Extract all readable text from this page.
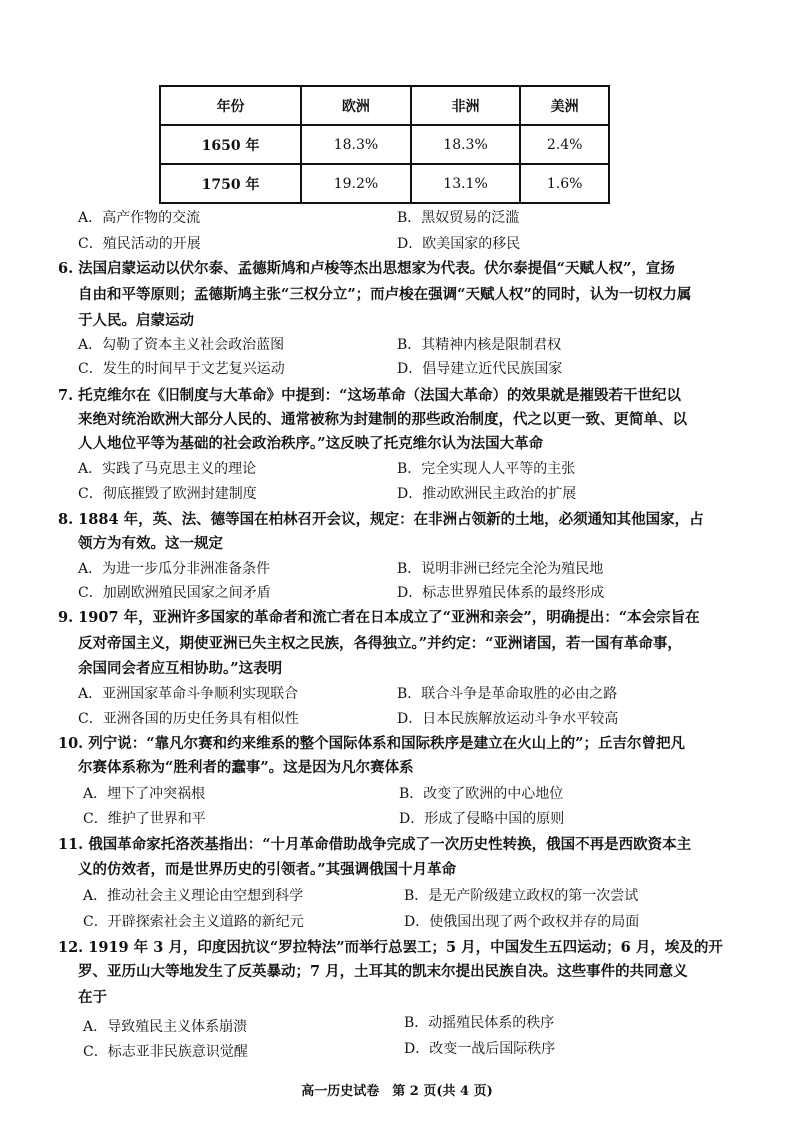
年份	欧洲	非洲	美洲
1650 年	18.3%	18.3%	2.4%
1750 年	19.2%	13.1%	1.6%
A．高产作物的交流	B．黑奴贸易的泛滥
C．殖民活动的开展	D．欧美国家的移民
6. 法国启蒙运动以伏尔泰、孟德斯鸠和卢梭等杰出思想家为代表。伏尔泰提倡“天赋人权”，宣扬
自由和平等原则；孟德斯鸠主张“三权分立”；而卢梭在强调“天赋人权”的同时，认为一切权力属
于人民。启蒙运动
A．勾勒了资本主义社会政治蓝图	B．其精神内核是限制君权
C．发生的时间早于文艺复兴运动	D．倡导建立近代民族国家
7. 托克维尔在《旧制度与大革命》中提到：“这场革命（法国大革命）的效果就是摧毁若干世纪以
来绝对统治欧洲大部分人民的、通常被称为封建制的那些政治制度，代之以更一致、更简单、以
人人地位平等为基础的社会政治秩序。”这反映了托克维尔认为法国大革命
A．实践了马克思主义的理论	B．完全实现人人平等的主张
C．彻底摧毁了欧洲封建制度	D．推动欧洲民主政治的扩展
8. 1884 年，英、法、德等国在柏林召开会议，规定：在非洲占领新的土地，必须通知其他国家，占
领方为有效。这一规定
A．为进一步瓜分非洲准备条件	B．说明非洲已经完全沦为殖民地
C．加剧欧洲殖民国家之间矛盾	D．标志世界殖民体系的最终形成
9. 1907 年，亚洲许多国家的革命者和流亡者在日本成立了“亚洲和亲会”，明确提出：“本会宗旨在
反对帝国主义，期使亚洲已失主权之民族，各得独立。”并约定：“亚洲诸国，若一国有革命事，
余国同会者应互相协助。”这表明
A．亚洲国家革命斗争顺利实现联合	B．联合斗争是革命取胜的必由之路
C．亚洲各国的历史任务具有相似性	D．日本民族解放运动斗争水平较高
10. 列宁说：“靠凡尔赛和约来维系的整个国际体系和国际秩序是建立在火山上的”；丘吉尔曾把凡
尔赛体系称为“胜利者的蠢事”。这是因为凡尔赛体系
A．埋下了冲突祸根	B．改变了欧洲的中心地位
C．维护了世界和平	D．形成了侵略中国的原则
11. 俄国革命家托洛茨基指出：“十月革命借助战争完成了一次历史性转换，俄国不再是西欧资本主
义的仿效者，而是世界历史的引领者。”其强调俄国十月革命
A．推动社会主义理论由空想到科学	B．是无产阶级建立政权的第一次尝试
C．开辟探索社会主义道路的新纪元	D．使俄国出现了两个政权并存的局面
12. 1919 年 3 月，印度因抗议“罗拉特法”而举行总罢工；5 月，中国发生五四运动；6 月，埃及的开
罗、亚历山大等地发生了反英暴动；7 月，土耳其的凯末尔提出民族自决。这些事件的共同意义
在于
A．导致殖民主义体系崩溃	B．动摇殖民体系的秩序
C．标志亚非民族意识觉醒	D．改变一战后国际秩序
高一历史试卷　第 2 页(共 4 页)
